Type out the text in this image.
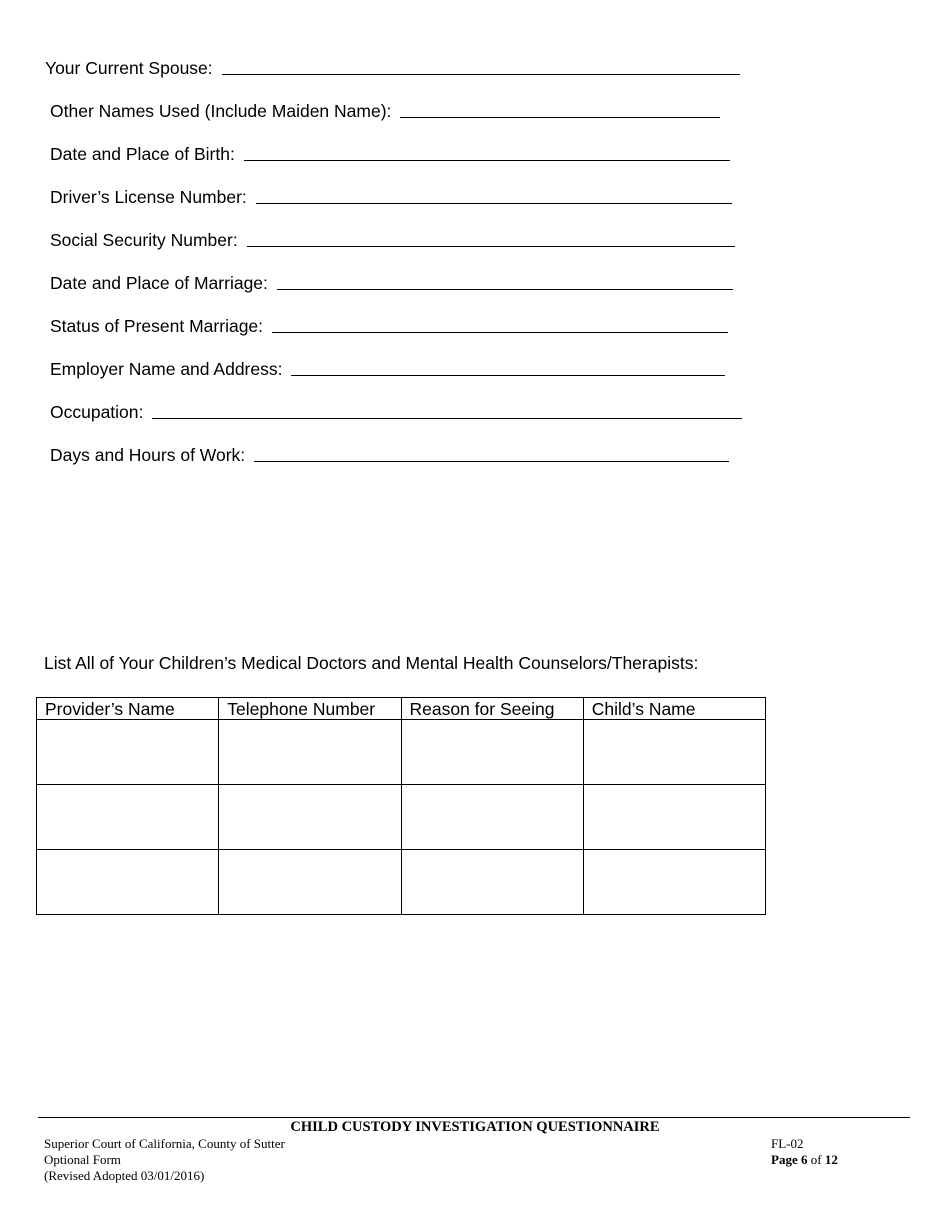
Your Current Spouse:
Other Names Used (Include Maiden Name):
Date and Place of Birth:
Driver’s License Number:
Social Security Number:
Date and Place of Marriage:
Status of Present Marriage:
Employer Name and Address:
Occupation:
Days and Hours of Work:
List All of Your Children’s Medical Doctors and Mental Health Counselors/Therapists:
Provider’s Name	Telephone Number	Reason for Seeing	Child’s Name

CHILD CUSTODY INVESTIGATION QUESTIONNAIRE
Superior Court of California, County of Sutter
Optional Form
(Revised Adopted 03/01/2016)
FL-02
Page 6 of 12
